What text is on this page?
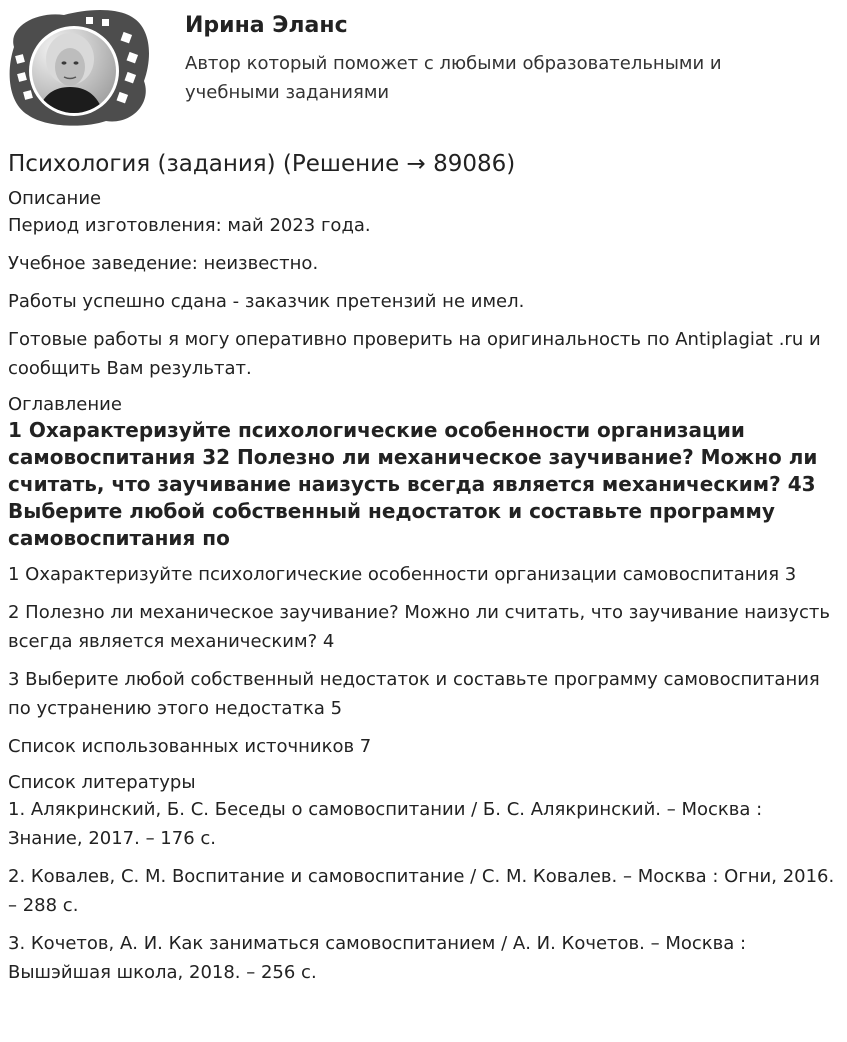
Ирина Эланс
Автор который поможет с любыми образовательными и учебными заданиями
Психология (задания) (Решение → 89086)
Описание

Период изготовления: май 2023 года.

Учебное заведение: неизвестно.

Работы успешно сдана - заказчик претензий не имел.

Готовые работы я могу оперативно проверить на оригинальность по Antiplagiat .ru и сообщить Вам результат.

Оглавление
1 Охарактеризуйте психологические особенности организации самовоспитания 32 Полезно ли механическое заучивание? Можно ли считать, что заучивание наизусть всегда является механическим? 43 Выберите любой собственный недостаток и составьте программу самовоспитания по

1 Охарактеризуйте психологические особенности организации самовоспитания 3

2 Полезно ли механическое заучивание? Можно ли считать, что заучивание наизусть всегда является механическим? 4

3 Выберите любой собственный недостаток и составьте программу самовоспитания по устранению этого недостатка 5

Список использованных источников 7

Список литературы

1. Алякринский, Б. С. Беседы о самовоспитании / Б. С. Алякринский. – Москва : Знание, 2017. – 176 с.

2. Ковалев, С. М. Воспитание и самовоспитание / С. М. Ковалев. – Москва : Огни, 2016. – 288 с.

3. Кочетов, А. И. Как заниматься самовоспитанием / А. И. Кочетов. – Москва : Вышэйшая школа, 2018. – 256 с.
